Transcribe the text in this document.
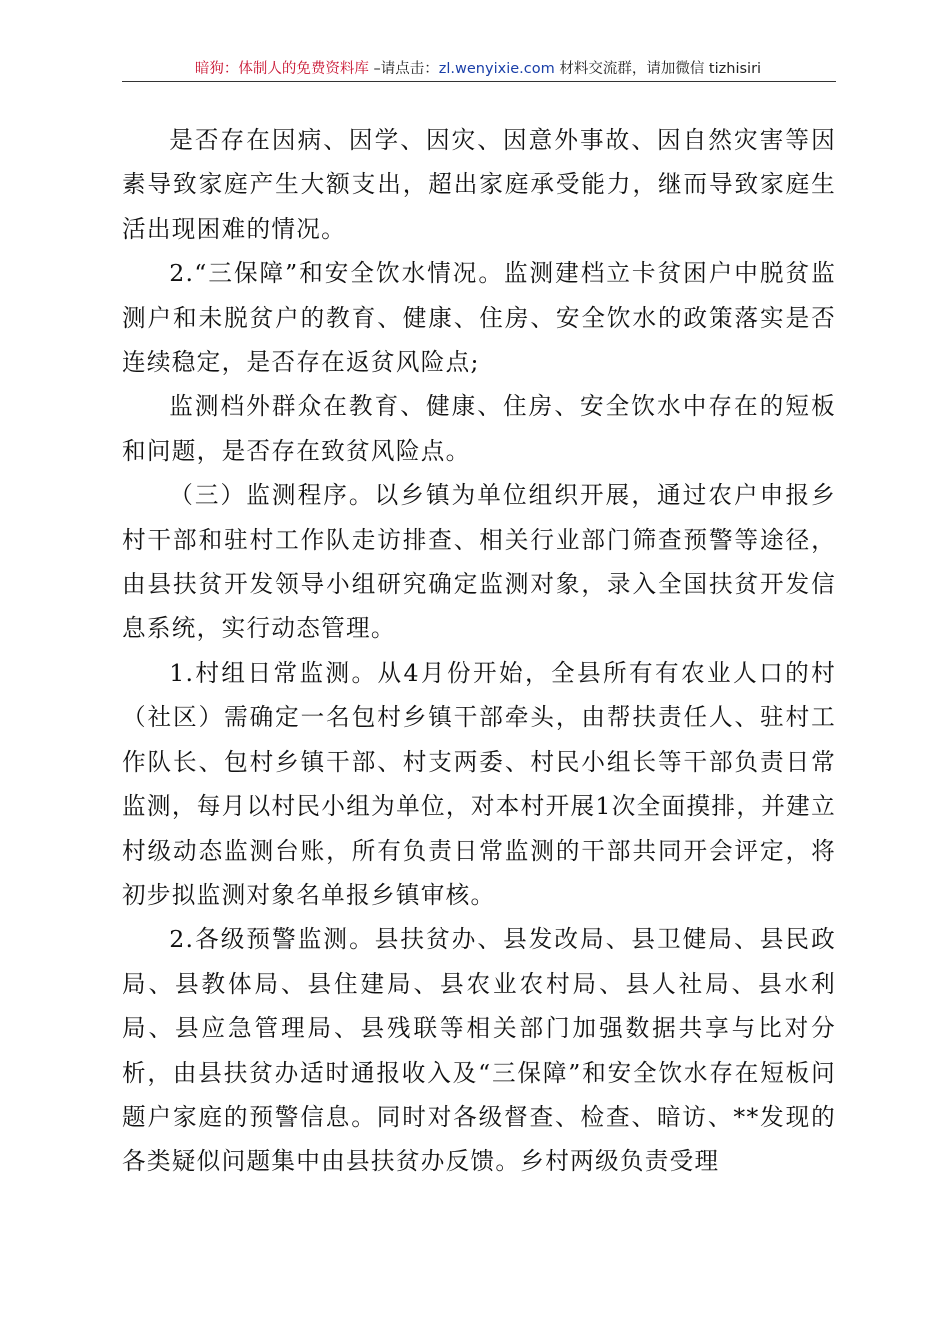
暗狗：体制人的免费资料库 –请点击：zl.wenyixie.com 材料交流群，请加微信 tizhisiri

是否存在因病、因学、因灾、因意外事故、因自然灾害等因素导致家庭产生大额支出，超出家庭承受能力，继而导致家庭生活出现困难的情况。

2.“三保障”和安全饮水情况。监测建档立卡贫困户中脱贫监测户和未脱贫户的教育、健康、住房、安全饮水的政策落实是否连续稳定，是否存在返贫风险点;

监测档外群众在教育、健康、住房、安全饮水中存在的短板和问题，是否存在致贫风险点。

（三）监测程序。以乡镇为单位组织开展，通过农户申报乡村干部和驻村工作队走访排查、相关行业部门筛查预警等途径，由县扶贫开发领导小组研究确定监测对象，录入全国扶贫开发信息系统，实行动态管理。

1.村组日常监测。从4月份开始，全县所有有农业人口的村（社区）需确定一名包村乡镇干部牵头，由帮扶责任人、驻村工作队长、包村乡镇干部、村支两委、村民小组长等干部负责日常监测，每月以村民小组为单位，对本村开展1次全面摸排，并建立村级动态监测台账，所有负责日常监测的干部共同开会评定，将初步拟监测对象名单报乡镇审核。

2.各级预警监测。县扶贫办、县发改局、县卫健局、县民政局、县教体局、县住建局、县农业农村局、县人社局、县水利局、县应急管理局、县残联等相关部门加强数据共享与比对分析，由县扶贫办适时通报收入及“三保障”和安全饮水存在短板问题户家庭的预警信息。同时对各级督查、检查、暗访、**发现的各类疑似问题集中由县扶贫办反馈。乡村两级负责受理
